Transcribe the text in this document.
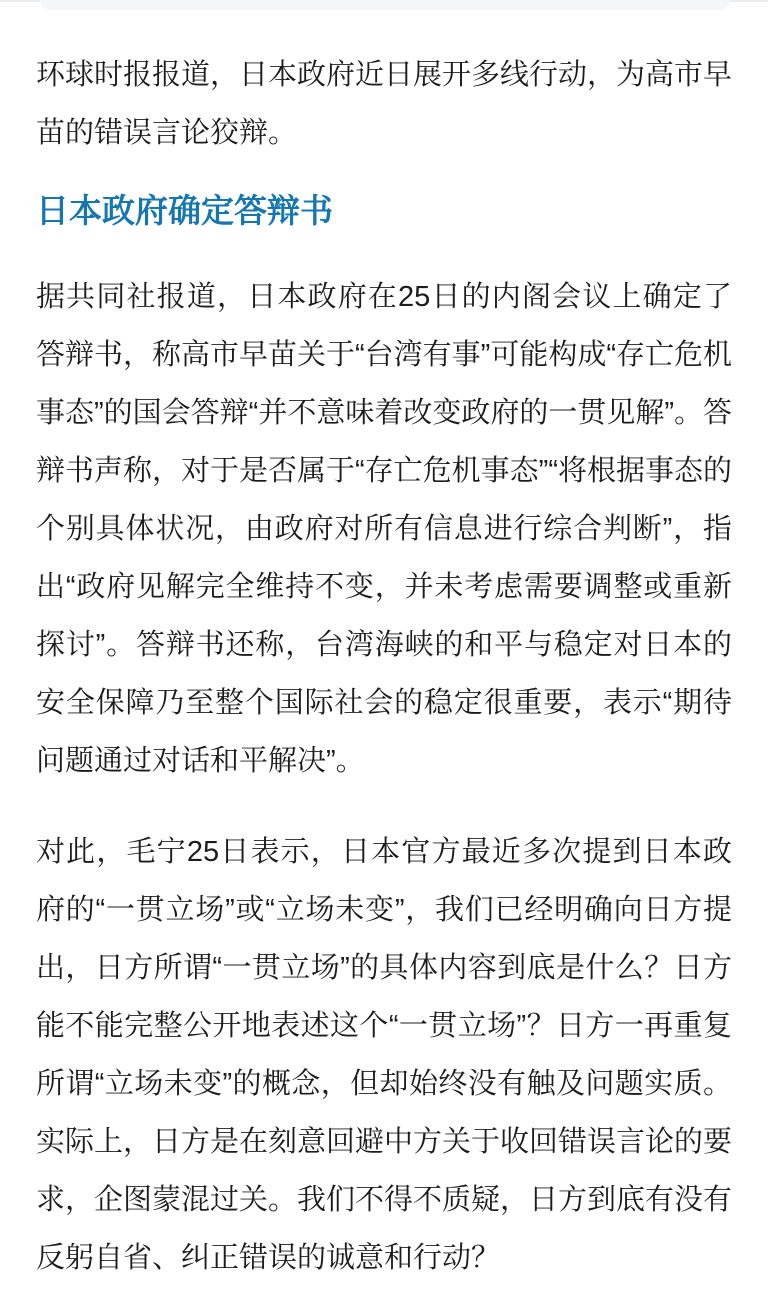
环球时报报道，日本政府近日展开多线行动，为高市早苗的错误言论狡辩。

日本政府确定答辩书

据共同社报道，日本政府在25日的内阁会议上确定了答辩书，称高市早苗关于“台湾有事”可能构成“存亡危机事态”的国会答辩“并不意味着改变政府的一贯见解”。答辩书声称，对于是否属于“存亡危机事态”“将根据事态的个别具体状况，由政府对所有信息进行综合判断”，指出“政府见解完全维持不变，并未考虑需要调整或重新探讨”。答辩书还称，台湾海峡的和平与稳定对日本的安全保障乃至整个国际社会的稳定很重要，表示“期待问题通过对话和平解决”。

对此，毛宁25日表示，日本官方最近多次提到日本政府的“一贯立场”或“立场未变”，我们已经明确向日方提出，日方所谓“一贯立场”的具体内容到底是什么？日方能不能完整公开地表述这个“一贯立场”？日方一再重复所谓“立场未变”的概念，但却始终没有触及问题实质。实际上，日方是在刻意回避中方关于收回错误言论的要求，企图蒙混过关。我们不得不质疑，日方到底有没有反躬自省、纠正错误的诚意和行动？
